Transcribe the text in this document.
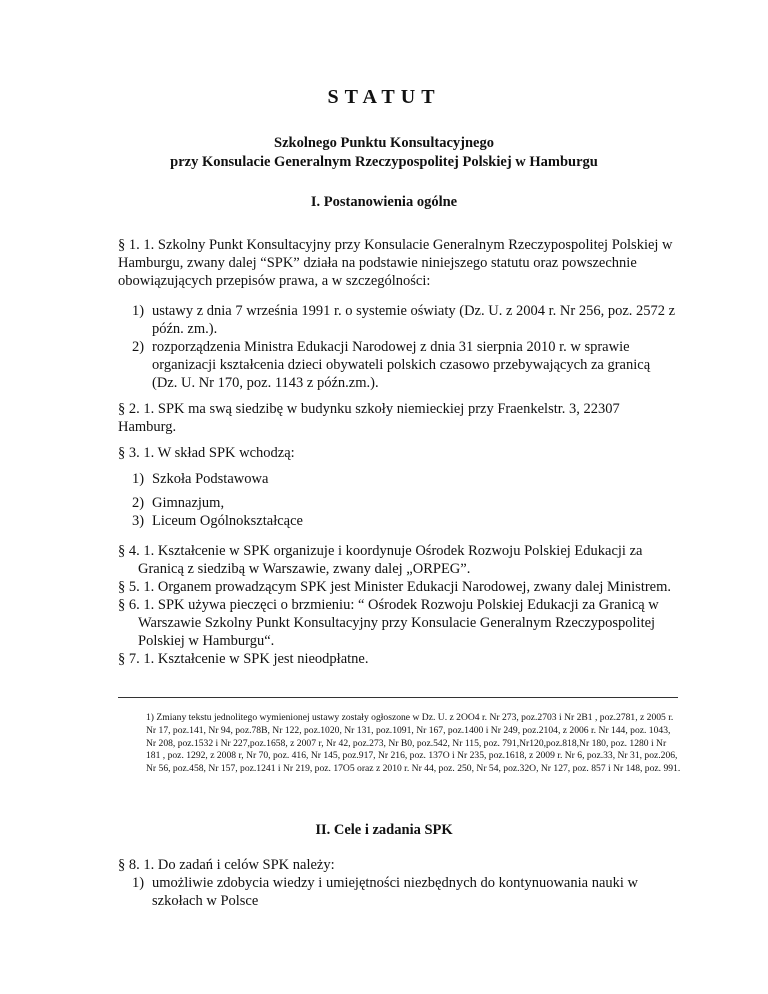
STATUT
Szkolnego Punktu Konsultacyjnego
przy Konsulacie Generalnym Rzeczypospolitej Polskiej w Hamburgu
I. Postanowienia ogólne

§ 1. 1. Szkolny Punkt Konsultacyjny przy Konsulacie Generalnym Rzeczypospolitej Polskiej w Hamburgu, zwany dalej “SPK” działa na podstawie niniejszego statutu oraz powszechnie obowiązujących przepisów prawa, a w szczególności:

1) ustawy z dnia 7 września 1991 r. o systemie oświaty (Dz. U. z 2004 r. Nr 256, poz. 2572 z późn. zm.).
2) rozporządzenia Ministra Edukacji Narodowej z dnia 31 sierpnia 2010 r. w sprawie organizacji kształcenia dzieci obywateli polskich czasowo przebywających za granicą (Dz. U. Nr 170, poz. 1143 z późn.zm.).

§ 2. 1. SPK ma swą siedzibę w budynku szkoły niemieckiej przy Fraenkelstr. 3, 22307 Hamburg.

§ 3. 1. W skład SPK wchodzą:

1) Szkoła Podstawowa
2) Gimnazjum,
3) Liceum Ogólnokształcące

§ 4. 1. Kształcenie w SPK organizuje i koordynuje Ośrodek Rozwoju Polskiej Edukacji za Granicą z siedzibą w Warszawie, zwany dalej „ORPEG”.

§ 5. 1. Organem prowadzącym SPK jest Minister Edukacji Narodowej, zwany dalej Ministrem.

§ 6. 1. SPK używa pieczęci o brzmieniu: “ Ośrodek Rozwoju Polskiej Edukacji za Granicą w Warszawie Szkolny Punkt Konsultacyjny przy Konsulacie Generalnym Rzeczypospolitej Polskiej w Hamburgu“.

§ 7. 1. Kształcenie w SPK jest nieodpłatne.

1) Zmiany tekstu jednolitego wymienionej ustawy zostały ogłoszone w Dz. U. z 2OO4 r. Nr 273, poz.2703 i Nr 2B1 , poz.2781, z 2005 r. Nr 17, poz.141, Nr 94, poz.78B, Nr 122, poz.1020, Nr 131, poz.1091, Nr 167, poz.1400 i Nr 249, poz.2104, z 2006 r. Nr 144, poz. 1043, Nr 208, poz.1532 i Nr 227,poz.1658, z 2007 r, Nr 42, poz.273, Nr B0, poz.542, Nr 115, poz. 791,Nr120,poz.818,Nr 180, poz. 1280 i Nr 181 , poz. 1292, z 2008 r, Nr 70, poz. 416, Nr 145, poz.917, Nr 216, poz. 137O i Nr 235, poz.1618, z 2009 r. Nr 6, poz.33, Nr 31, poz.206, Nr 56, poz.458, Nr 157, poz.1241 i Nr 219, poz. 17O5 oraz z 2010 r. Nr 44, poz. 250, Nr 54, poz.32O, Nr 127, poz. 857 i Nr 148, poz. 991.
II. Cele i zadania SPK

§ 8. 1. Do zadań i celów SPK należy:

1) umożliwie zdobycia wiedzy i umiejętności niezbędnych do kontynuowania nauki w szkołach w Polsce
